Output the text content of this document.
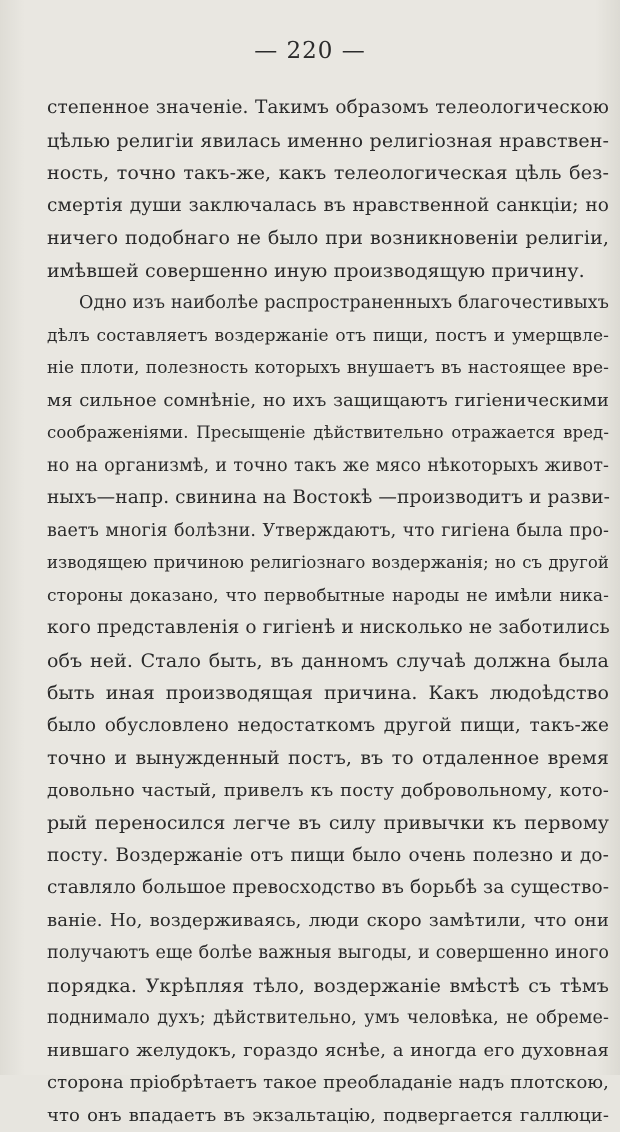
— 220 —
степенное значеніе. Такимъ образомъ телеологическою
цѣлью религіи явилась именно религіозная нравствен-
ность, точно такъ-же, какъ телеологическая цѣль без-
смертія души заключалась въ нравственной санкціи; но
ничего подобнаго не было при возникновеніи религіи,
имѣвшей совершенно иную производящую причину.
Одно изъ наиболѣе распространенныхъ благочестивыхъ
дѣлъ составляетъ воздержаніе отъ пищи, постъ и умерщвле-
ніе плоти, полезность которыхъ внушаетъ въ настоящее вре-
мя сильное сомнѣніе, но ихъ защищаютъ гигіеническими
соображеніями. Пресыщеніе дѣйствительно отражается вред-
но на организмѣ, и точно такъ же мясо нѣкоторыхъ живот-
ныхъ—напр. свинина на Востокѣ —производитъ и разви-
ваетъ многія болѣзни. Утверждаютъ, что гигіена была про-
изводящею причиною религіознаго воздержанія; но съ другой
стороны доказано, что первобытные народы не имѣли ника-
кого представленія о гигіенѣ и нисколько не заботились
объ ней. Стало быть, въ данномъ случаѣ должна была
быть иная производящая причина. Какъ людоѣдство
было обусловлено недостаткомъ другой пищи, такъ-же
точно и вынужденный постъ, въ то отдаленное время
довольно частый, привелъ къ посту добровольному, кото-
рый переносился легче въ силу привычки къ первому
посту. Воздержаніе отъ пищи было очень полезно и до-
ставляло большое превосходство въ борьбѣ за существо-
ваніе. Но, воздерживаясь, люди скоро замѣтили, что они
получаютъ еще болѣе важныя выгоды, и совершенно иного
порядка. Укрѣпляя тѣло, воздержаніе вмѣстѣ съ тѣмъ
поднимало духъ; дѣйствительно, умъ человѣка, не обреме-
нившаго желудокъ, гораздо яснѣе, а иногда его духовная
сторона пріобрѣтаетъ такое преобладаніе надъ плотскою,
что онъ впадаетъ въ экзальтацію, подвергается галлюци-
